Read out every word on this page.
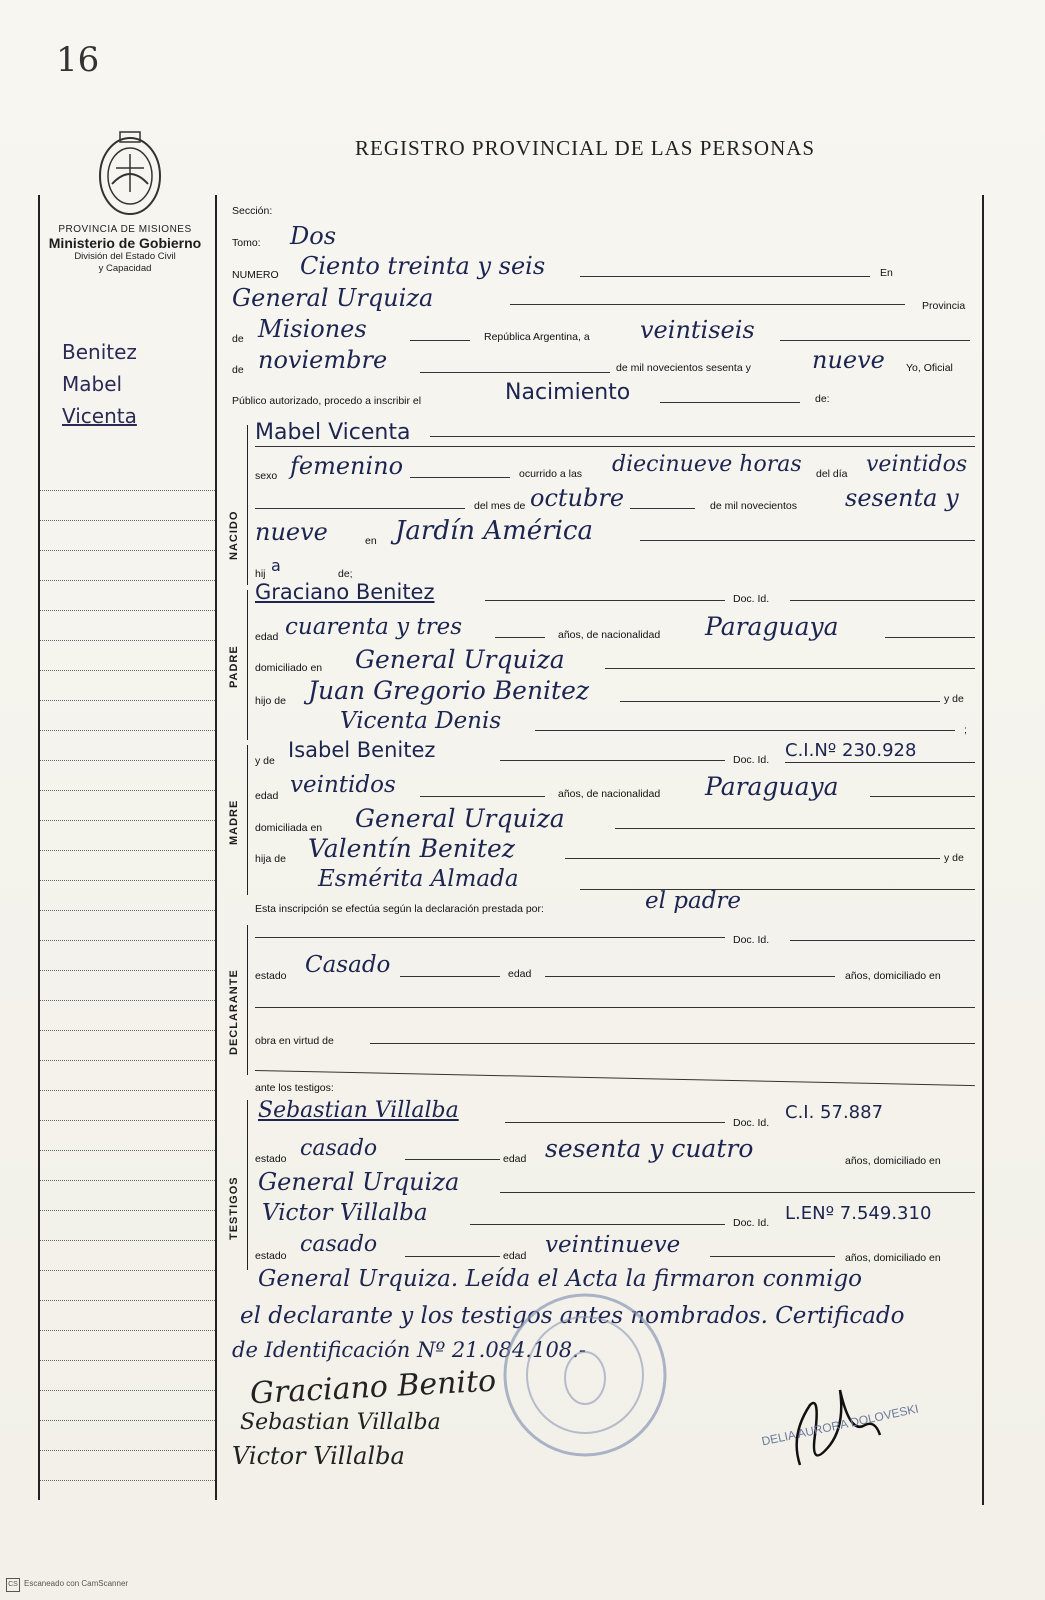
16
REGISTRO PROVINCIAL DE LAS PERSONAS
PROVINCIA DE MISIONES
Ministerio de Gobierno
División del Estado Civil
y Capacidad
Benitez
Mabel
Vicenta
Sección:
Tomo: Dos
NUMERO Ciento treinta y seis	En
General Urquiza	Provincia
de Misiones	República Argentina, a veintiseis
de noviembre	de mil novecientos sesenta y	nueve Yo, Oficial
Público autorizado, procedo a inscribir el	Nacimiento	de:
NACIDO
Mabel Vicenta
sexo femenino	ocurrido a las diecinueve horas del día veintidos
del mes de octubre	de mil novecientos sesenta y
nueve	en Jardín América
hij a	de;
PADRE
Graciano Benitez	Doc. Id.
edad cuarenta y tres	años, de nacionalidad Paraguaya
domiciliado en General Urquiza
hijo de Juan Gregorio Benitez	y de
Vicenta Denis	;
MADRE
y de Isabel Benitez	Doc. Id. C.I.Nº 230.928
edad veintidos	años, de nacionalidad Paraguaya
domiciliada en General Urquiza
hija de Valentín Benitez	y de
Esmérita Almada
Esta inscripción se efectúa según la declaración prestada por:	el padre
DECLARANTE
Doc. Id.
estado Casado	edad	años, domiciliado en
obra en virtud de
ante los testigos:
TESTIGOS
Sebastian Villalba	Doc. Id. C.I. 57.887
estado casado	edad sesenta y cuatro	años, domiciliado en
General Urquiza
Victor Villalba	Doc. Id. L.ENº 7.549.310
estado casado	edad veintinueve	años, domiciliado en
General Urquiza. Leída el Acta la firmaron conmigo
el declarante y los testigos antes nombrados. Certificado
de Identificación Nº 21.084.108.-
Graciano Benito
Sebastian Villalba
Victor Villalba
DELIA AURORA DOLOVESKI
CS Escaneado con CamScanner
